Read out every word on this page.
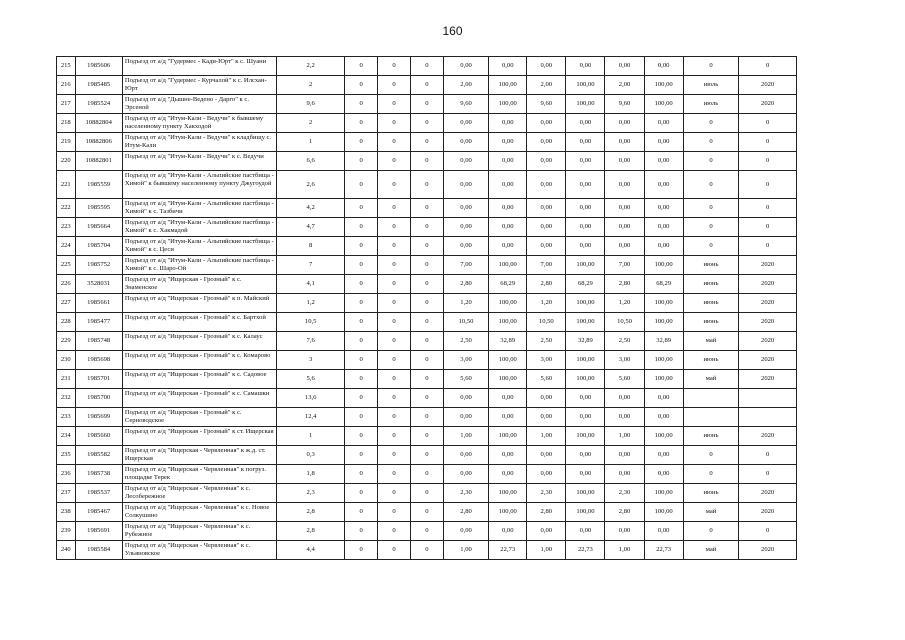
160
215	1985606	Подъезд от а/д "Гудермес - Кади-Юрт" к с. Шуани	2,2	0	0	0	0,00	0,00	0,00	0,00	0,00	0,00	0	0
216	1985485	Подъезд от а/д "Гудермес - Курчалой" к с. Илсхан-Юрт	2	0	0	0	2,00	100,00	2,00	100,00	2,00	100,00	июль	2020
217	1985524	Подъезд от а/д "Дышне-Ведено - Дарго" к с. Эрсеной	9,6	0	0	0	9,60	100,00	9,60	100,00	9,60	100,00	июль	2020
218	10882804	Подъезд от а/д "Итум-Кали - Ведучи" к бывшему населенному пункту Хакходой	2	0	0	0	0,00	0,00	0,00	0,00	0,00	0,00	0	0
219	10882806	Подъезд от а/д "Итум-Кали - Ведучи" к кладбищу с. Итум-Кали	1	0	0	0	0,00	0,00	0,00	0,00	0,00	0,00	0	0
220	10882801	Подъезд от а/д "Итум-Кали - Ведучи" к с. Ведучи	6,6	0	0	0	0,00	0,00	0,00	0,00	0,00	0,00	0	0
221	1985559	Подъезд от а/д "Итум-Кали - Альпийские пастбища - Химой" к бывшему населенному пункту Джугоудой	2,6	0	0	0	0,00	0,00	0,00	0,00	0,00	0,00	0	0
222	1985595	Подъезд от а/д "Итум-Кали - Альпийские пастбища - Химой" к с. Тазбичи	4,2	0	0	0	0,00	0,00	0,00	0,00	0,00	0,00	0	0
223	1985664	Подъезд от а/д "Итум-Кали - Альпийские пастбища - Химой" к с. Хакмадой	4,7	0	0	0	0,00	0,00	0,00	0,00	0,00	0,00	0	0
224	1985704	Подъезд от а/д "Итум-Кали - Альпийские пастбища - Химой" к с. Цеси	8	0	0	0	0,00	0,00	0,00	0,00	0,00	0,00	0	0
225	1985752	Подъезд от а/д "Итум-Кали - Альпийские пастбища - Химой" к с. Шаро-Ой	7	0	0	0	7,00	100,00	7,00	100,00	7,00	100,00	июнь	2020
226	3528031	Подъезд от а/д "Ищерская - Грозный" к с. Знаменское	4,1	0	0	0	2,80	68,29	2,80	68,29	2,80	68,29	июнь	2020
227	1985661	Подъезд от а/д "Ищерская - Грозный" к п. Майский	1,2	0	0	0	1,20	100,00	1,20	100,00	1,20	100,00	июнь	2020
228	1985477	Подъезд от а/д "Ищерская - Грозный" к с. Бартхой	10,5	0	0	0	10,50	100,00	10,50	100,00	10,50	100,00	июнь	2020
229	1985748	Подъезд от а/д "Ищерская - Грозный" к с. Калаус	7,6	0	0	0	2,50	32,89	2,50	32,89	2,50	32,89	май	2020
230	1985698	Подъезд от а/д "Ищерская - Грозный" к с. Комарово	3	0	0	0	3,00	100,00	3,00	100,00	3,00	100,00	июнь	2020
231	1985701	Подъезд от а/д "Ищерская - Грозный" к с. Садовое	5,6	0	0	0	5,60	100,00	5,60	100,00	5,60	100,00	май	2020
232	1985700	Подъезд от а/д "Ищерская - Грозный" к с. Самашки	13,6	0	0	0	0,00	0,00	0,00	0,00	0,00	0,00		
233	1985699	Подъезд от а/д "Ищерская - Грозный" к с. Серноводское	12,4	0	0	0	0,00	0,00	0,00	0,00	0,00	0,00		
234	1985660	Подъезд от а/д "Ищерская - Грозный" к ст. Ищерская	1	0	0	0	1,00	100,00	1,00	100,00	1,00	100,00	июнь	2020
235	1985582	Подъезд от а/д "Ищерская - Червленная" к ж.д. ст. Ищерская	0,3	0	0	0	0,00	0,00	0,00	0,00	0,00	0,00	0	0
236	1985738	Подъезд от а/д "Ищерская - Червленная" к погруз. площадке Терек	1,8	0	0	0	0,00	0,00	0,00	0,00	0,00	0,00	0	0
237	1985537	Подъезд от а/д "Ищерская - Червленная" к с. Лесобережное	2,3	0	0	0	2,30	100,00	2,30	100,00	2,30	100,00	июнь	2020
238	1985467	Подъезд от а/д "Ищерская - Червленная" к с. Новое Солкушино	2,8	0	0	0	2,80	100,00	2,80	100,00	2,80	100,00	май	2020
239	1985691	Подъезд от а/д "Ищерская - Червленная" к с. Рубежное	2,8	0	0	0	0,00	0,00	0,00	0,00	0,00	0,00	0	0
240	1985584	Подъезд от а/д "Ищерская - Червленная" к с. Ульяновское	4,4	0	0	0	1,00	22,73	1,00	22,73	1,00	22,73	май	2020
